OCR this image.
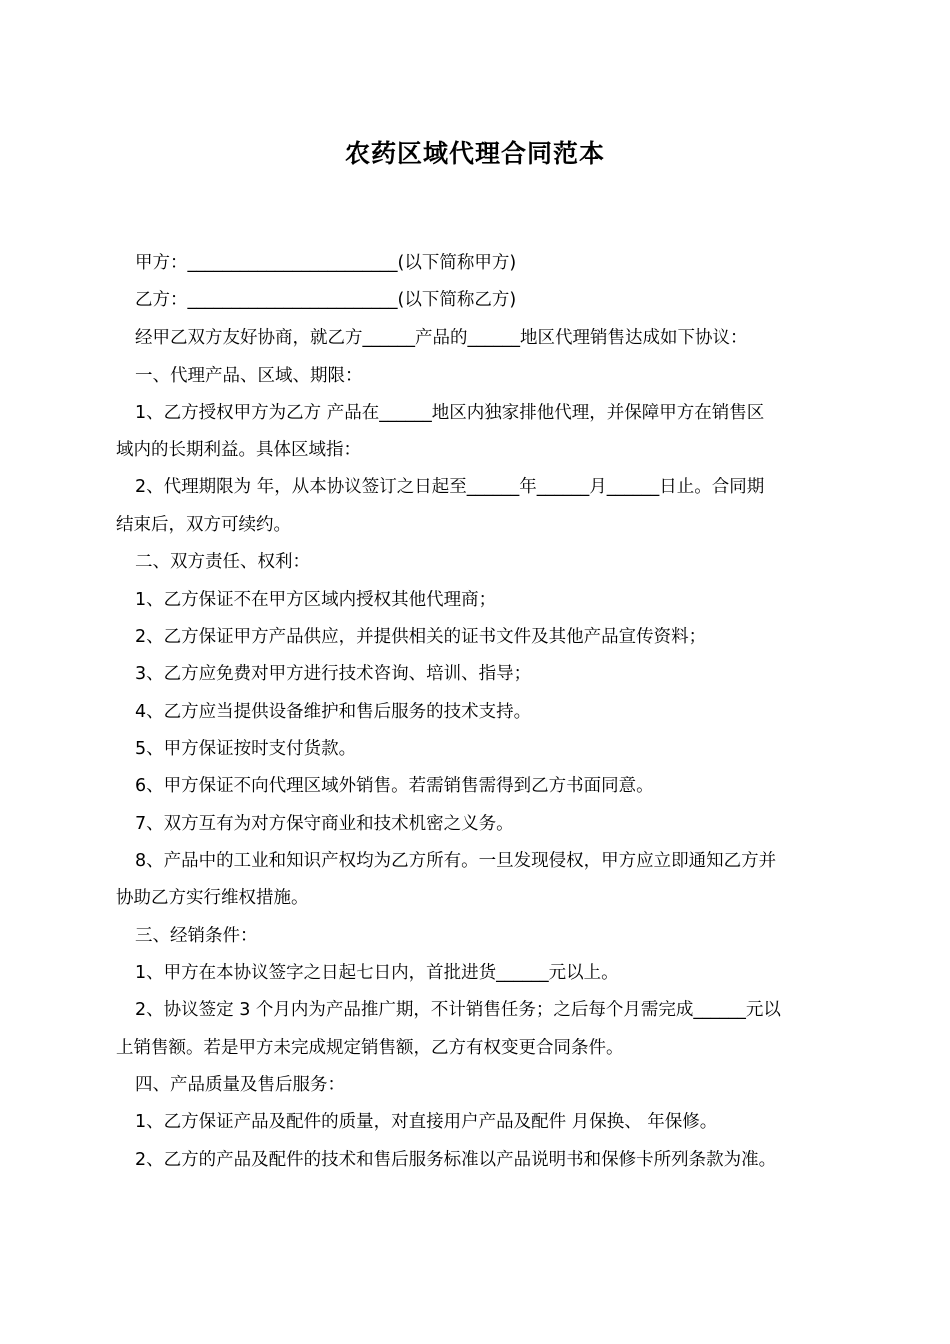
农药区域代理合同范本
甲方：________________________(以下简称甲方)
乙方：________________________(以下简称乙方)
经甲乙双方友好协商，就乙方______产品的______地区代理销售达成如下协议：
一、代理产品、区域、期限：
1、乙方授权甲方为乙方 产品在______地区内独家排他代理，并保障甲方在销售区
域内的长期利益。具体区域指：
2、代理期限为 年，从本协议签订之日起至______年______月______日止。合同期
结束后，双方可续约。
二、双方责任、权利：
1、乙方保证不在甲方区域内授权其他代理商；
2、乙方保证甲方产品供应，并提供相关的证书文件及其他产品宣传资料；
3、乙方应免费对甲方进行技术咨询、培训、指导；
4、乙方应当提供设备维护和售后服务的技术支持。
5、甲方保证按时支付货款。
6、甲方保证不向代理区域外销售。若需销售需得到乙方书面同意。
7、双方互有为对方保守商业和技术机密之义务。
8、产品中的工业和知识产权均为乙方所有。一旦发现侵权，甲方应立即通知乙方并
协助乙方实行维权措施。
三、经销条件：
1、甲方在本协议签字之日起七日内，首批进货______元以上。
2、协议签定 3 个月内为产品推广期，不计销售任务；之后每个月需完成______元以
上销售额。若是甲方未完成规定销售额，乙方有权变更合同条件。
四、产品质量及售后服务：
1、乙方保证产品及配件的质量，对直接用户产品及配件 月保换、 年保修。
2、乙方的产品及配件的技术和售后服务标准以产品说明书和保修卡所列条款为准。
